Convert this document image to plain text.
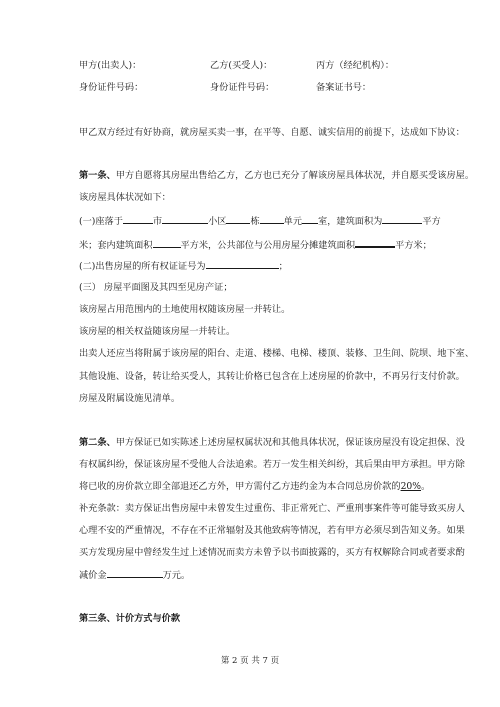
甲方(出卖人)：	乙方(买受人)：	丙方（经纪机构）：
身份证件号码：	身份证件号码：	备案证书号：
甲乙双方经过有好协商，就房屋买卖一事，在平等、自愿、诚实信用的前提下，达成如下协议：
第一条、甲方自愿将其房屋出售给乙方，乙方也已充分了解该房屋具体状况，并自愿买受该房屋。
该房屋具体状况如下：
(一)座落于	市	小区	栋	单元 室，建筑面积为	平方
米；套内建筑面积	平方米，公共部位与公用房屋分摊建筑面积	平方米；
(二)出售房屋的所有权证证号为	；
(三） 房屋平面图及其四至见房产证；
该房屋占用范围内的土地使用权随该房屋一并转让。
该房屋的相关权益随该房屋一并转让。
出卖人还应当将附属于该房屋的阳台、走道、楼梯、电梯、楼顶、装修、卫生间、院坝、地下室、
其他设施、设备，转让给买受人，其转让价格已包含在上述房屋的价款中，不再另行支付价款。
房屋及附属设施见清单。
第二条、甲方保证已如实陈述上述房屋权属状况和其他具体状况，保证该房屋没有设定担保、没
有权属纠纷，保证该房屋不受他人合法追索。若万一发生相关纠纷，其后果由甲方承担。甲方除
将已收的房价款立即全部退还乙方外，甲方需付乙方违约金为本合同总房价款的20%。
补充条款：卖方保证出售房屋中未曾发生过重伤、非正常死亡、严重刑事案件等可能导致买房人
心理不安的严重情况，不存在不正常辐射及其他致病等情况，若有甲方必须尽到告知义务。如果
买方发现房屋中曾经发生过上述情况而卖方未曾予以书面披露的，买方有权解除合同或者要求酌
减价金	万元。
第三条、计价方式与价款
第 2 页 共 7 页
